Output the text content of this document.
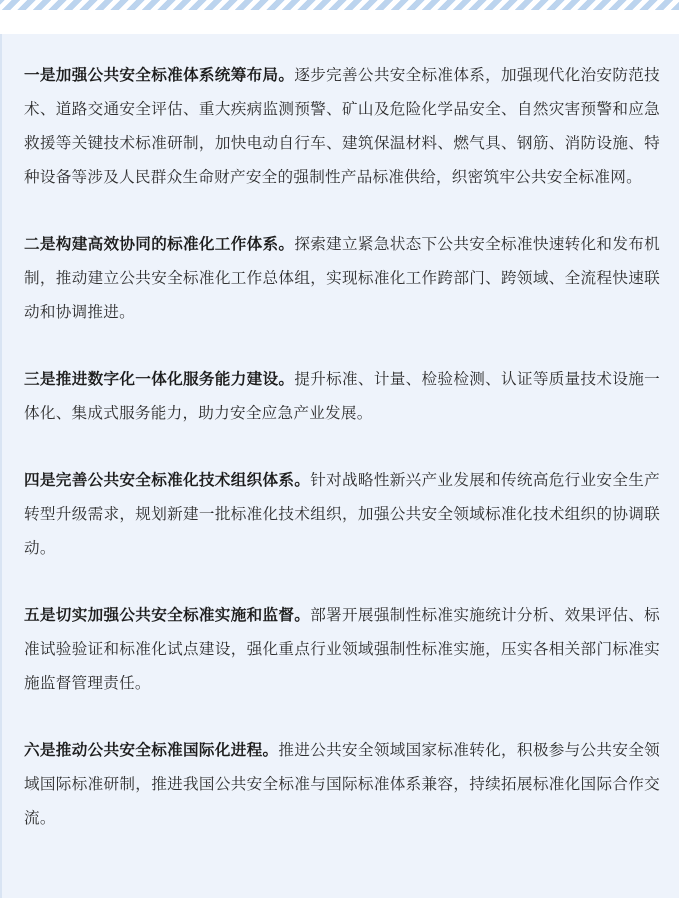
一是加强公共安全标准体系统筹布局。逐步完善公共安全标准体系，加强现代化治安防范技术、道路交通安全评估、重大疾病监测预警、矿山及危险化学品安全、自然灾害预警和应急救援等关键技术标准研制，加快电动自行车、建筑保温材料、燃气具、钢筋、消防设施、特种设备等涉及人民群众生命财产安全的强制性产品标准供给，织密筑牢公共安全标准网。

二是构建高效协同的标准化工作体系。探索建立紧急状态下公共安全标准快速转化和发布机制，推动建立公共安全标准化工作总体组，实现标准化工作跨部门、跨领域、全流程快速联动和协调推进。

三是推进数字化一体化服务能力建设。提升标准、计量、检验检测、认证等质量技术设施一体化、集成式服务能力，助力安全应急产业发展。

四是完善公共安全标准化技术组织体系。针对战略性新兴产业发展和传统高危行业安全生产转型升级需求，规划新建一批标准化技术组织，加强公共安全领域标准化技术组织的协调联动。

五是切实加强公共安全标准实施和监督。部署开展强制性标准实施统计分析、效果评估、标准试验验证和标准化试点建设，强化重点行业领域强制性标准实施，压实各相关部门标准实施监督管理责任。

六是推动公共安全标准国际化进程。推进公共安全领域国家标准转化，积极参与公共安全领域国际标准研制，推进我国公共安全标准与国际标准体系兼容，持续拓展标准化国际合作交流。
